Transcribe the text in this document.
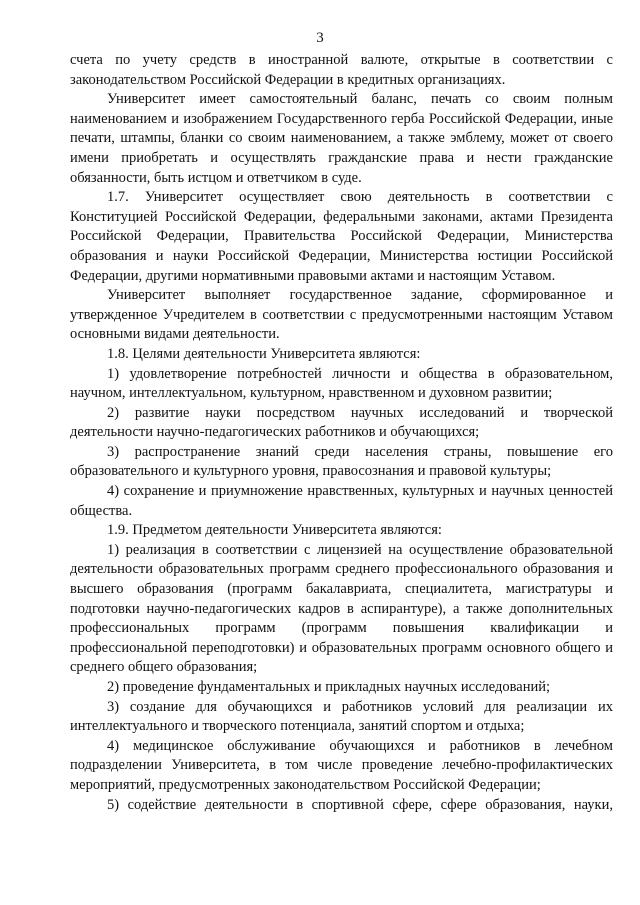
3

счета по учету средств в иностранной валюте, открытые в соответствии с законодательством Российской Федерации в кредитных организациях.

Университет имеет самостоятельный баланс, печать со своим полным наименованием и изображением Государственного герба Российской Федерации, иные печати, штампы, бланки со своим наименованием, а также эмблему, может от своего имени приобретать и осуществлять гражданские права и нести гражданские обязанности, быть истцом и ответчиком в суде.

1.7. Университет осуществляет свою деятельность в соответствии с Конституцией Российской Федерации, федеральными законами, актами Президента Российской Федерации, Правительства Российской Федерации, Министерства образования и науки Российской Федерации, Министерства юстиции Российской Федерации, другими нормативными правовыми актами и настоящим Уставом.

Университет выполняет государственное задание, сформированное и утвержденное Учредителем в соответствии с предусмотренными настоящим Уставом основными видами деятельности.

1.8. Целями деятельности Университета являются:

1) удовлетворение потребностей личности и общества в образовательном, научном, интеллектуальном, культурном, нравственном и духовном развитии;

2) развитие науки посредством научных исследований и творческой деятельности научно-педагогических работников и обучающихся;

3) распространение знаний среди населения страны, повышение его образовательного и культурного уровня, правосознания и правовой культуры;

4) сохранение и приумножение нравственных, культурных и научных ценностей общества.

1.9. Предметом деятельности Университета являются:

1) реализация в соответствии с лицензией на осуществление образовательной деятельности образовательных программ среднего профессионального образования и высшего образования (программ бакалавриата, специалитета, магистратуры и подготовки научно-педагогических кадров в аспирантуре), а также дополнительных профессиональных программ (программ повышения квалификации и профессиональной переподготовки) и образовательных программ основного общего и среднего общего образования;

2) проведение фундаментальных и прикладных научных исследований;

3) создание для обучающихся и работников условий для реализации их интеллектуального и творческого потенциала, занятий спортом и отдыха;

4) медицинское обслуживание обучающихся и работников в лечебном подразделении Университета, в том числе проведение лечебно-профилактических мероприятий, предусмотренных законодательством Российской Федерации;

5) содействие деятельности в спортивной сфере, сфере образования, науки,
